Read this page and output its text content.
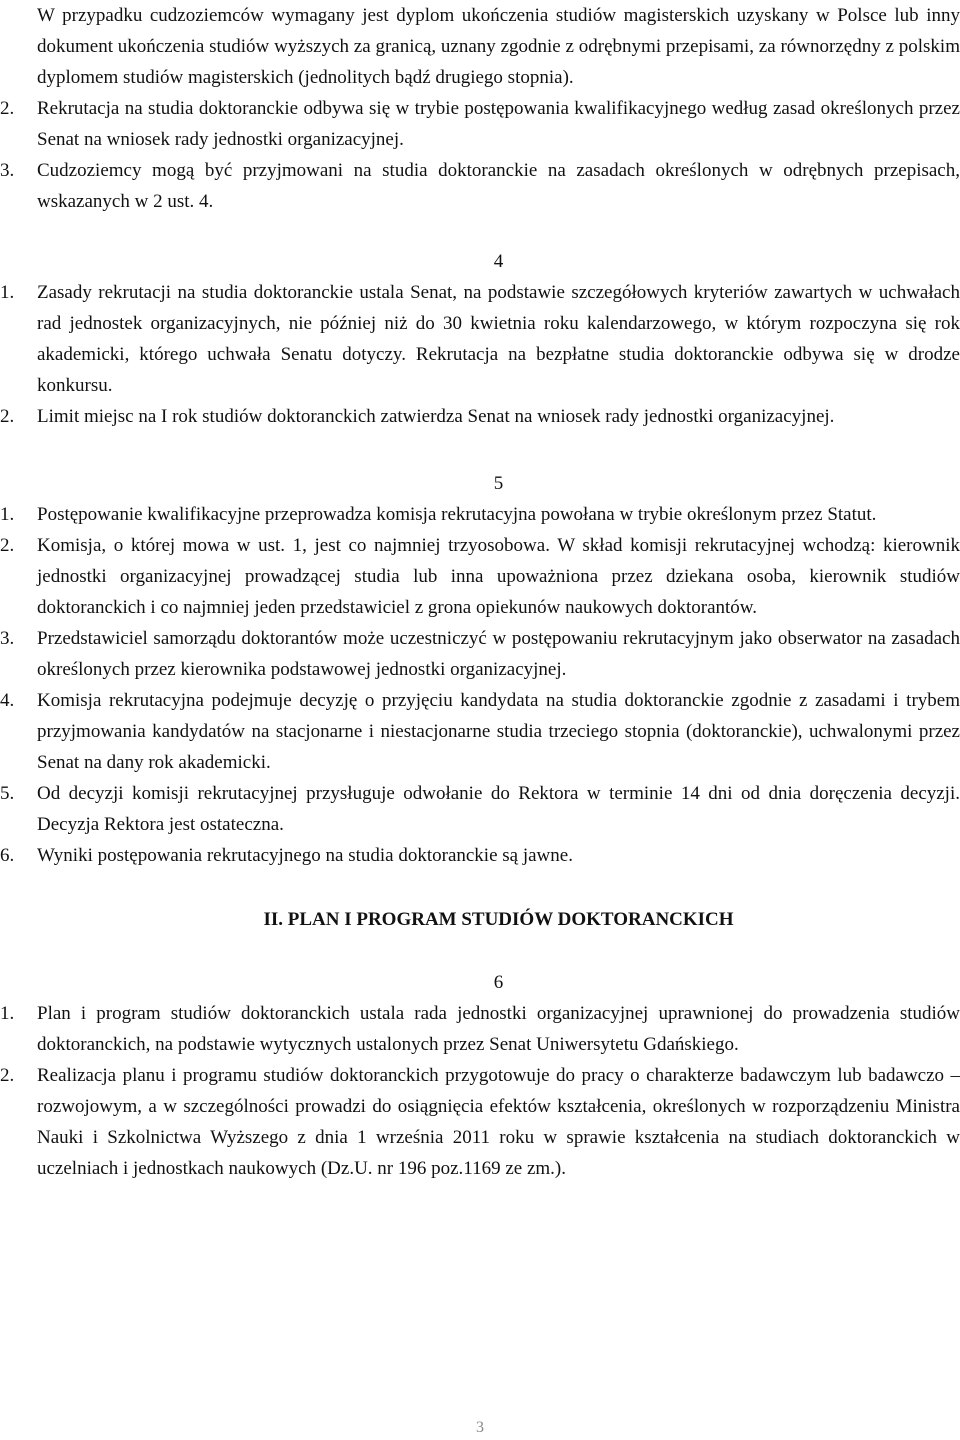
W przypadku cudzoziemców wymagany jest dyplom ukończenia studiów magisterskich uzyskany w Polsce lub inny dokument ukończenia studiów wyższych za granicą, uznany zgodnie z odrębnymi przepisami, za równorzędny z polskim dyplomem studiów magisterskich (jednolitych bądź drugiego stopnia).

2.	Rekrutacja na studia doktoranckie odbywa się w trybie postępowania kwalifikacyjnego według zasad określonych przez Senat na wniosek rady jednostki organizacyjnej.

3.	Cudzoziemcy mogą być przyjmowani na studia doktoranckie na zasadach określonych w odrębnych przepisach, wskazanych w 2 ust. 4.

4

1.	Zasady rekrutacji na studia doktoranckie ustala Senat, na podstawie szczegółowych kryteriów zawartych w uchwałach rad jednostek organizacyjnych, nie później niż do 30 kwietnia roku kalendarzowego, w którym rozpoczyna się rok akademicki, którego uchwała Senatu dotyczy. Rekrutacja na bezpłatne studia doktoranckie odbywa się w drodze konkursu.

2.	Limit miejsc na I rok studiów doktoranckich zatwierdza Senat na wniosek rady jednostki organizacyjnej.

5

1.	Postępowanie kwalifikacyjne przeprowadza komisja rekrutacyjna powołana w trybie określonym przez Statut.

2.	Komisja, o której mowa w ust. 1, jest co najmniej trzyosobowa. W skład komisji rekrutacyjnej wchodzą: kierownik jednostki organizacyjnej prowadzącej studia lub inna upoważniona przez dziekana osoba, kierownik studiów doktoranckich i co najmniej jeden przedstawiciel z grona opiekunów naukowych doktorantów.

3.	Przedstawiciel samorządu doktorantów może uczestniczyć w postępowaniu rekrutacyjnym jako obserwator na zasadach określonych przez kierownika podstawowej jednostki organizacyjnej.

4.	Komisja rekrutacyjna podejmuje decyzję o przyjęciu kandydata na studia doktoranckie zgodnie z zasadami i trybem przyjmowania kandydatów na stacjonarne i niestacjonarne studia trzeciego stopnia (doktoranckie), uchwalonymi przez Senat na dany rok akademicki.

5.	Od decyzji komisji rekrutacyjnej przysługuje odwołanie do Rektora w terminie 14 dni od dnia doręczenia decyzji. Decyzja Rektora jest ostateczna.

6.	Wyniki postępowania rekrutacyjnego na studia doktoranckie są jawne.

II. PLAN I PROGRAM STUDIÓW DOKTORANCKICH

6

1.	Plan i program studiów doktoranckich ustala rada jednostki organizacyjnej uprawnionej do prowadzenia studiów doktoranckich, na podstawie wytycznych ustalonych przez Senat Uniwersytetu Gdańskiego.

2.	Realizacja planu i programu studiów doktoranckich przygotowuje do pracy o charakterze badawczym lub badawczo – rozwojowym, a w szczególności prowadzi do osiągnięcia efektów kształcenia, określonych w rozporządzeniu Ministra Nauki i Szkolnictwa Wyższego z dnia 1 września 2011 roku w sprawie kształcenia na studiach doktoranckich w uczelniach i jednostkach naukowych (Dz.U. nr 196 poz.1169 ze zm.).

3
